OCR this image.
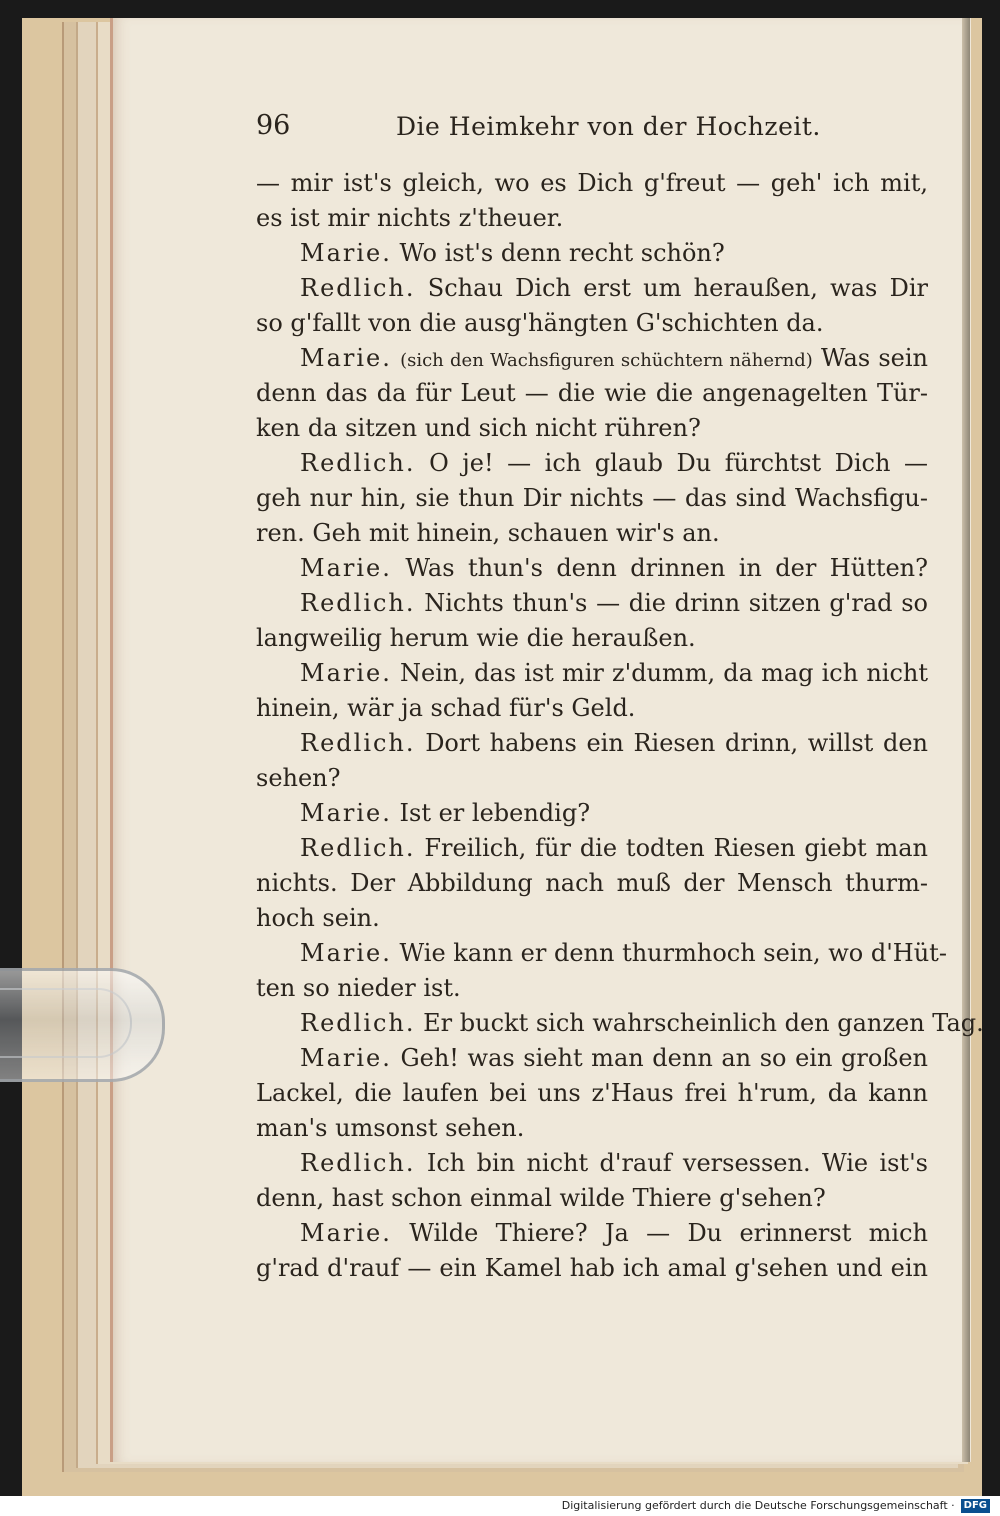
96	Die Heimkehr von der Hochzeit.
— mir ist's gleich, wo es Dich g'freut — geh' ich mit,
es ist mir nichts z'theuer.
Marie. Wo ist's denn recht schön?
Redlich. Schau Dich erst um heraußen, was Dir
so g'fallt von die ausg'hängten G'schichten da.
Marie. (sich den Wachsfiguren schüchtern nähernd) Was sein
denn das da für Leut — die wie die angenagelten Tür-
ken da sitzen und sich nicht rühren?
Redlich. O je! — ich glaub Du fürchtst Dich —
geh nur hin, sie thun Dir nichts — das sind Wachsfigu-
ren. Geh mit hinein, schauen wir's an.
Marie. Was thun's denn drinnen in der Hütten?
Redlich. Nichts thun's — die drinn sitzen g'rad so
langweilig herum wie die heraußen.
Marie. Nein, das ist mir z'dumm, da mag ich nicht
hinein, wär ja schad für's Geld.
Redlich. Dort habens ein Riesen drinn, willst den
sehen?
Marie. Ist er lebendig?
Redlich. Freilich, für die todten Riesen giebt man
nichts. Der Abbildung nach muß der Mensch thurm-
hoch sein.
Marie. Wie kann er denn thurmhoch sein, wo d'Hüt-
ten so nieder ist.
Redlich. Er buckt sich wahrscheinlich den ganzen Tag.
Marie. Geh! was sieht man denn an so ein großen
Lackel, die laufen bei uns z'Haus frei h'rum, da kann
man's umsonst sehen.
Redlich. Ich bin nicht d'rauf versessen. Wie ist's
denn, hast schon einmal wilde Thiere g'sehen?
Marie. Wilde Thiere? Ja — Du erinnerst mich
g'rad d'rauf — ein Kamel hab ich amal g'sehen und ein
Digitalisierung gefördert durch die Deutsche Forschungsgemeinschaft · DFG
